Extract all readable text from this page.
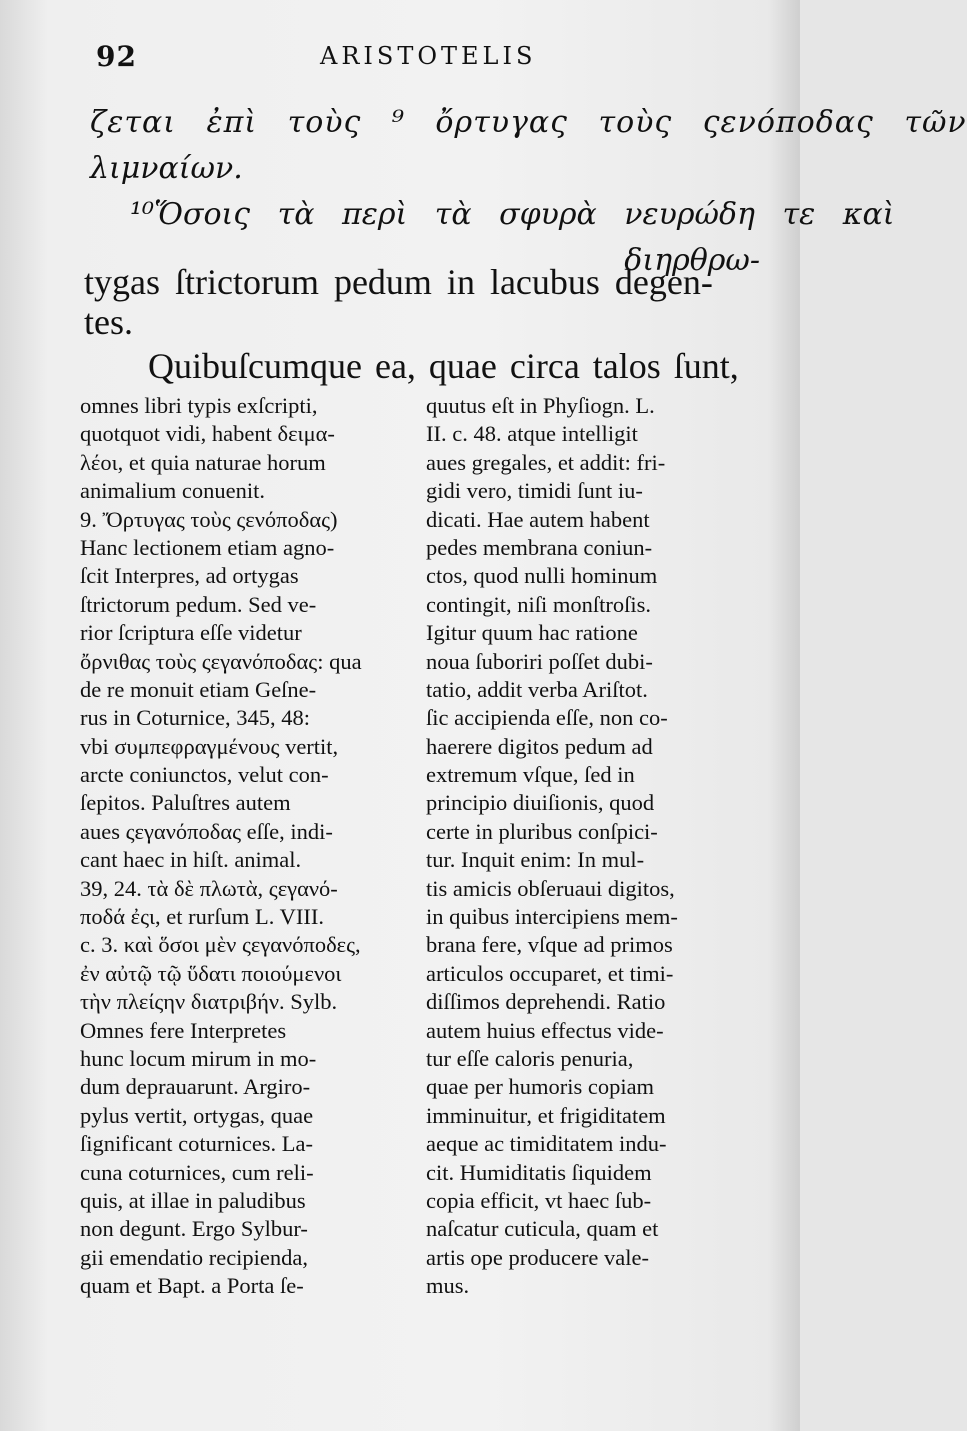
92	ARISTOTELIS
ζεται ἐπὶ τοὺς ⁹ ὄρτυγας τοὺς ςενόποδας τῶν
λιμναίων.
¹⁰Ὅσοις τὰ περὶ τὰ σφυρὰ νευρώδη τε καὶ
διηρθρω-
tygas ſtrictorum pedum in lacubus degen-
tes.
Quibuſcumque ea, quae circa talos ſunt,
omnes libri typis exſcripti,
quotquot vidi, habent δειμα-
λέοι, et quia naturae horum
animalium conuenit.
9. Ὄρτυγας τοὺς ςενόποδας)
Hanc lectionem etiam agno-
ſcit Interpres, ad ortygas
ſtrictorum pedum. Sed ve-
rior ſcriptura eſſe videtur
ὄρνιθας τοὺς ςεγανόποδας: qua
de re monuit etiam Geſne-
rus in Coturnice, 345, 48:
vbi συμπεφραγμένους vertit,
arcte coniunctos, velut con-
ſepitos. Paluſtres autem
aues ςεγανόποδας eſſe, indi-
cant haec in hiſt. animal.
39, 24. τὰ δὲ πλωτὰ, ςεγανό-
ποδά ἐςι, et rurſum L. VIII.
c. 3. καὶ ὅσοι μὲν ςεγανόποδες,
ἐν αὐτῷ τῷ ὕδατι ποιούμενοι
τὴν πλείςην διατριβήν. Sylb.
Omnes fere Interpretes
hunc locum mirum in mo-
dum deprauarunt. Argiro-
pylus vertit, ortygas, quae
ſignificant coturnices. La-
cuna coturnices, cum reli-
quis, at illae in paludibus
non degunt. Ergo Sylbur-
gii emendatio recipienda,
quam et Bapt. a Porta ſe-
quutus eſt in Phyſiogn. L.
II. c. 48. atque intelligit
aues gregales, et addit: fri-
gidi vero, timidi ſunt iu-
dicati. Hae autem habent
pedes membrana coniun-
ctos, quod nulli hominum
contingit, niſi monſtroſis.
Igitur quum hac ratione
noua ſuboriri poſſet dubi-
tatio, addit verba Ariſtot.
ſic accipienda eſſe, non co-
haerere digitos pedum ad
extremum vſque, ſed in
principio diuiſionis, quod
certe in pluribus conſpici-
tur. Inquit enim: In mul-
tis amicis obſeruaui digitos,
in quibus intercipiens mem-
brana fere, vſque ad primos
articulos occuparet, et timi-
diſſimos deprehendi. Ratio
autem huius effectus vide-
tur eſſe caloris penuria,
quae per humoris copiam
imminuitur, et frigiditatem
aeque ac timiditatem indu-
cit. Humiditatis ſiquidem
copia efficit, vt haec ſub-
naſcatur cuticula, quam et
artis ope producere vale-
mus.
